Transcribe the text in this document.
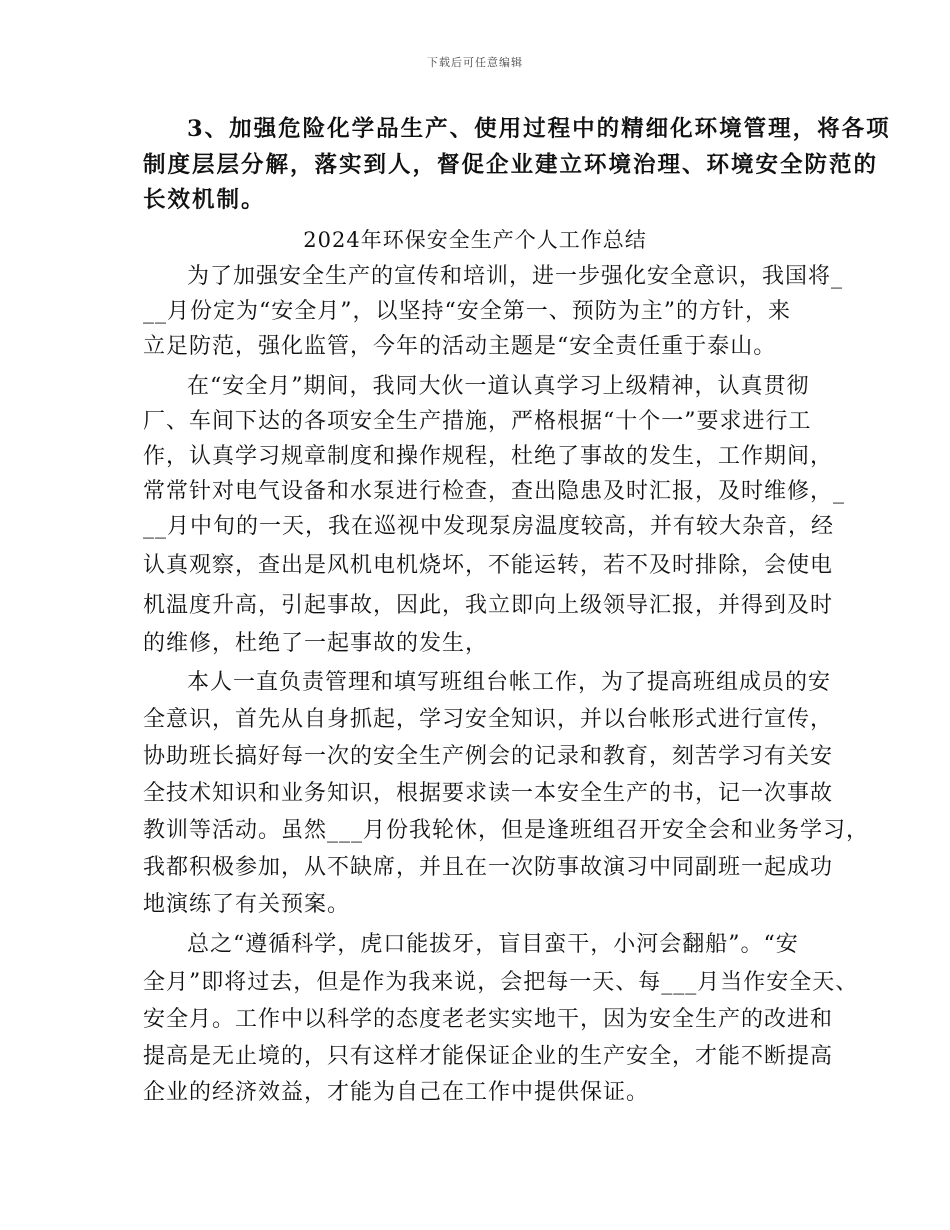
下载后可任意编辑
3、加强危险化学品生产、使用过程中的精细化环境管理，将各项
制度层层分解，落实到人，督促企业建立环境治理、环境安全防范的
长效机制。
2024年环保安全生产个人工作总结
为了加强安全生产的宣传和培训，进一步强化安全意识，我国将_
__月份定为“安全月”，以坚持“安全第一、预防为主”的方针，来
立足防范，强化监管，今年的活动主题是“安全责任重于泰山。
在“安全月”期间，我同大伙一道认真学习上级精神，认真贯彻
厂、车间下达的各项安全生产措施，严格根据“十个一”要求进行工
作，认真学习规章制度和操作规程，杜绝了事故的发生，工作期间，
常常针对电气设备和水泵进行检查，查出隐患及时汇报，及时维修，_
__月中旬的一天，我在巡视中发现泵房温度较高，并有较大杂音，经
认真观察，查出是风机电机烧坏，不能运转，若不及时排除，会使电
机温度升高，引起事故，因此，我立即向上级领导汇报，并得到及时
的维修，杜绝了一起事故的发生，
本人一直负责管理和填写班组台帐工作，为了提高班组成员的安
全意识，首先从自身抓起，学习安全知识，并以台帐形式进行宣传，
协助班长搞好每一次的安全生产例会的记录和教育，刻苦学习有关安
全技术知识和业务知识，根据要求读一本安全生产的书，记一次事故
教训等活动。虽然___月份我轮休，但是逢班组召开安全会和业务学习，
我都积极参加，从不缺席，并且在一次防事故演习中同副班一起成功
地演练了有关预案。
总之“遵循科学，虎口能拔牙，盲目蛮干，小河会翻船”。“安
全月”即将过去，但是作为我来说，会把每一天、每___月当作安全天、
安全月。工作中以科学的态度老老实实地干，因为安全生产的改进和
提高是无止境的，只有这样才能保证企业的生产安全，才能不断提高
企业的经济效益，才能为自己在工作中提供保证。
